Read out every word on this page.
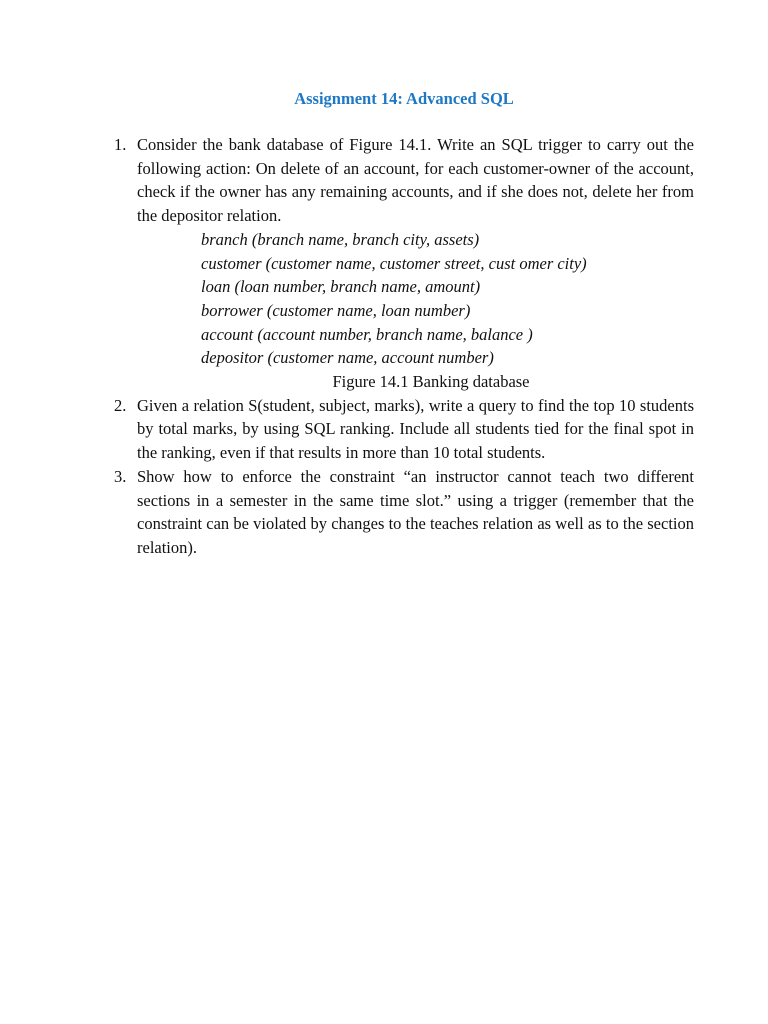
Assignment 14: Advanced SQL
1. Consider the bank database of Figure 14.1. Write an SQL trigger to carry out the following action: On delete of an account, for each customer-owner of the account, check if the owner has any remaining accounts, and if she does not, delete her from the depositor relation.
branch (branch name, branch city, assets)
customer (customer name, customer street, cust omer city)
loan (loan number, branch name, amount)
borrower (customer name, loan number)
account (account number, branch name, balance )
depositor (customer name, account number)
Figure 14.1 Banking database
2. Given a relation S(student, subject, marks), write a query to find the top 10 students by total marks, by using SQL ranking. Include all students tied for the final spot in the ranking, even if that results in more than 10 total students.
3. Show how to enforce the constraint “an instructor cannot teach two different sections in a semester in the same time slot.” using a trigger (remember that the constraint can be violated by changes to the teaches relation as well as to the section relation).
